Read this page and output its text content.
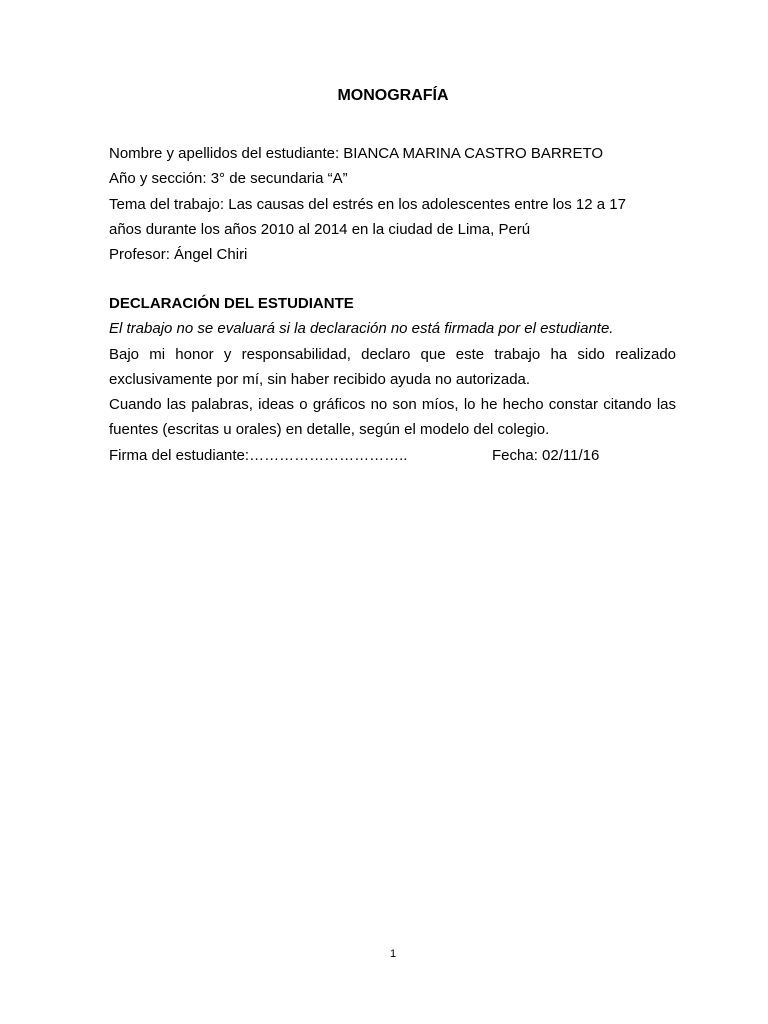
MONOGRAFÍA
Nombre y apellidos del estudiante: BIANCA MARINA CASTRO BARRETO
Año y sección: 3° de secundaria “A”
Tema del trabajo: Las causas del estrés en los adolescentes entre los 12 a 17
años durante los años 2010 al 2014 en la ciudad de Lima, Perú
Profesor: Ángel Chiri
DECLARACIÓN DEL ESTUDIANTE
El trabajo no se evaluará si la declaración no está firmada por el estudiante.
Bajo mi honor y responsabilidad, declaro que este trabajo ha sido realizado exclusivamente por mí, sin haber recibido ayuda no autorizada.
Cuando las palabras, ideas o gráficos no son míos, lo he hecho constar citando las fuentes (escritas u orales) en detalle, según el modelo del colegio.
Firma del estudiante:…………………………..	Fecha: 02/11/16
1
